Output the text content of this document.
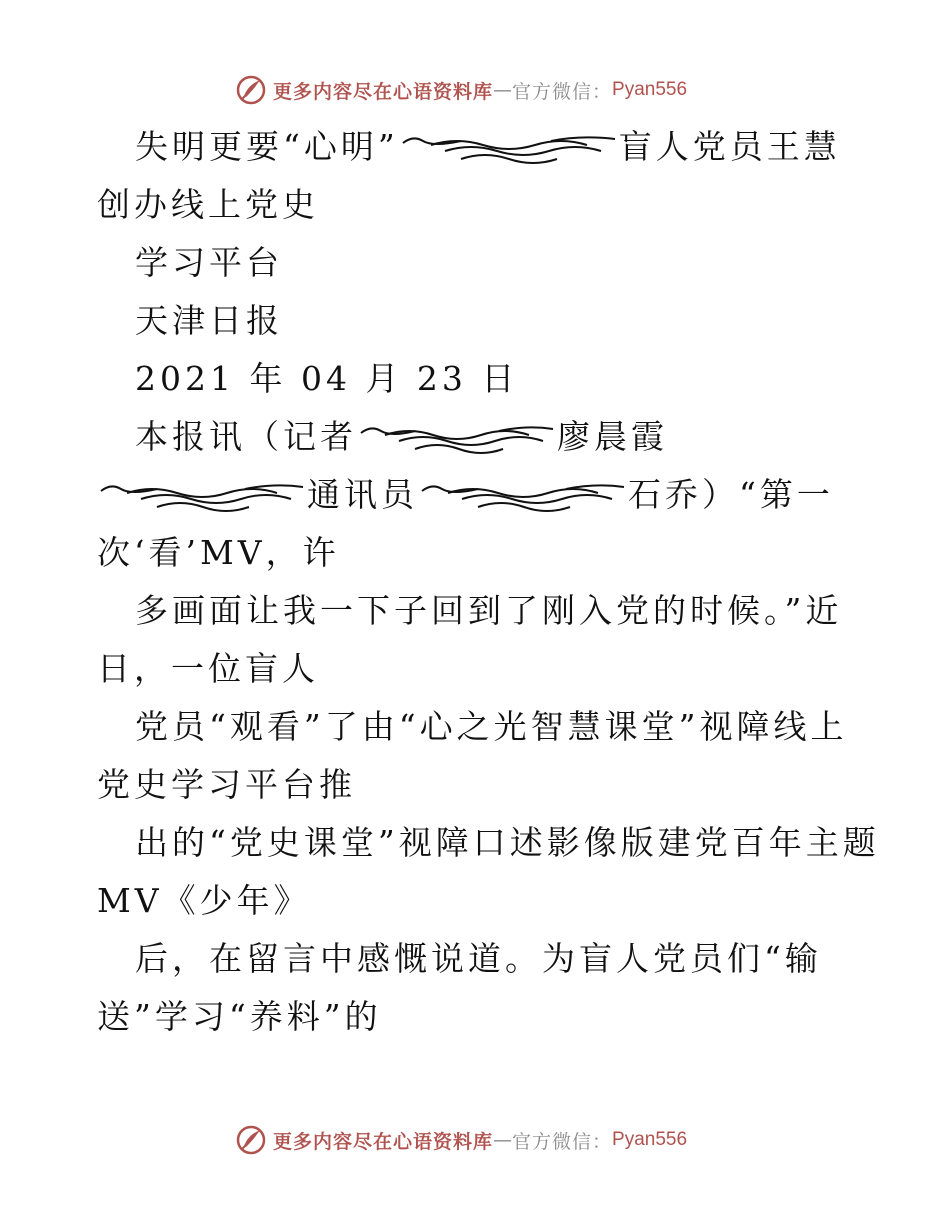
更多内容尽在心语资料库 — 官方微信： Pyan556
失明更要“心明”	盲人党员王慧
创办线上党史
学习平台
天津日报
2021 年 04 月 23 日
本报讯（记者	廖晨霞
通讯员	石乔）“第一
次‘看’MV，许
多画面让我一下子回到了刚入党的时候。”近
日，一位盲人
党员“观看”了由“心之光智慧课堂”视障线上
党史学习平台推
出的“党史课堂”视障口述影像版建党百年主题
MV《少年》
后，在留言中感慨说道。为盲人党员们“输
送”学习“养料”的
更多内容尽在心语资料库 — 官方微信： Pyan556
